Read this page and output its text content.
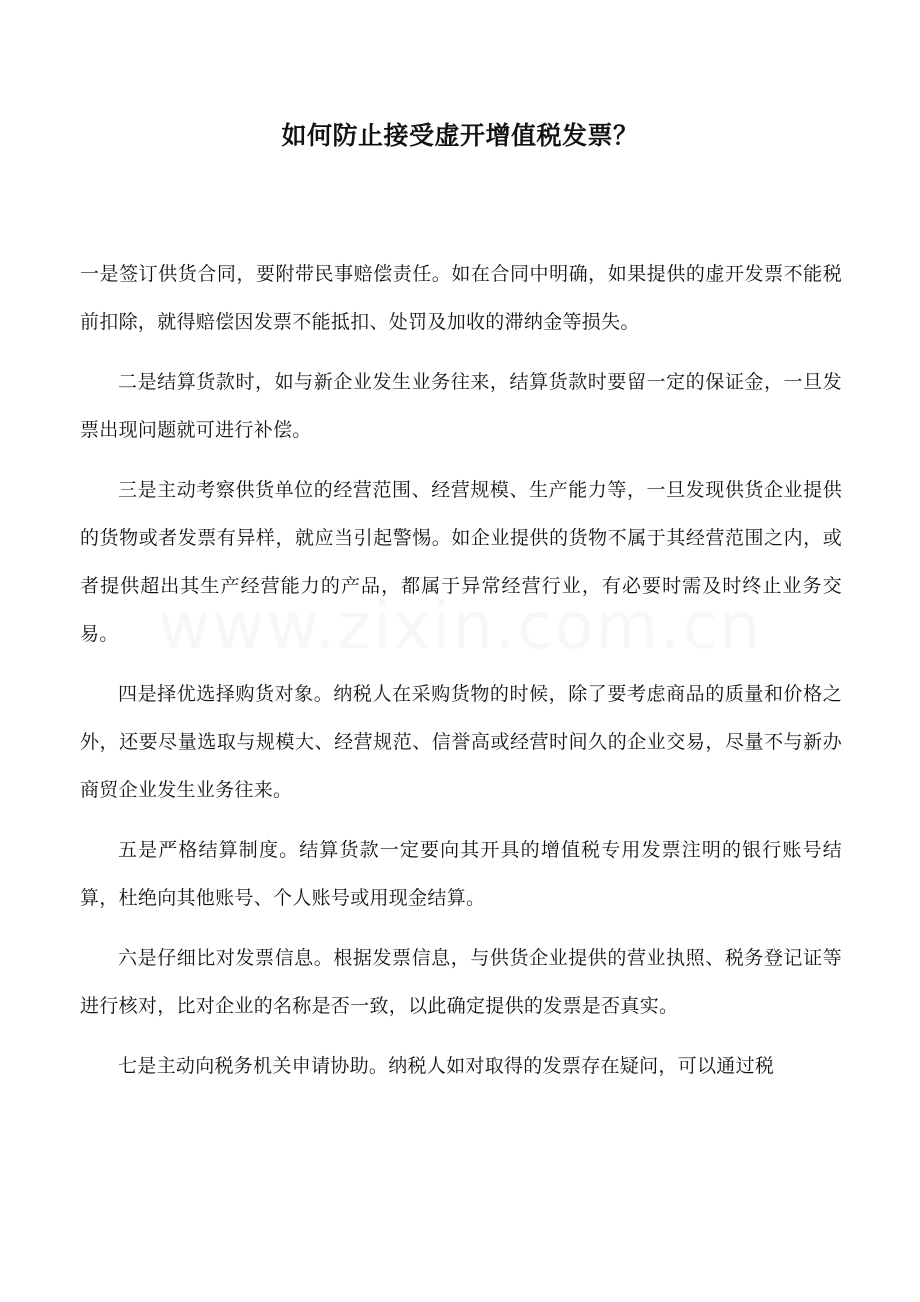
www.zixin.com.cn
如何防止接受虚开增值税发票？

一是签订供货合同，要附带民事赔偿责任。如在合同中明确，如果提供的虚开发票不能税前扣除，就得赔偿因发票不能抵扣、处罚及加收的滞纳金等损失。

二是结算货款时，如与新企业发生业务往来，结算货款时要留一定的保证金，一旦发票出现问题就可进行补偿。

三是主动考察供货单位的经营范围、经营规模、生产能力等，一旦发现供货企业提供的货物或者发票有异样，就应当引起警惕。如企业提供的货物不属于其经营范围之内，或者提供超出其生产经营能力的产品，都属于异常经营行业，有必要时需及时终止业务交易。

四是择优选择购货对象。纳税人在采购货物的时候，除了要考虑商品的质量和价格之外，还要尽量选取与规模大、经营规范、信誉高或经营时间久的企业交易，尽量不与新办商贸企业发生业务往来。

五是严格结算制度。结算货款一定要向其开具的增值税专用发票注明的银行账号结算，杜绝向其他账号、个人账号或用现金结算。

六是仔细比对发票信息。根据发票信息，与供货企业提供的营业执照、税务登记证等进行核对，比对企业的名称是否一致，以此确定提供的发票是否真实。

七是主动向税务机关申请协助。纳税人如对取得的发票存在疑问，可以通过税
